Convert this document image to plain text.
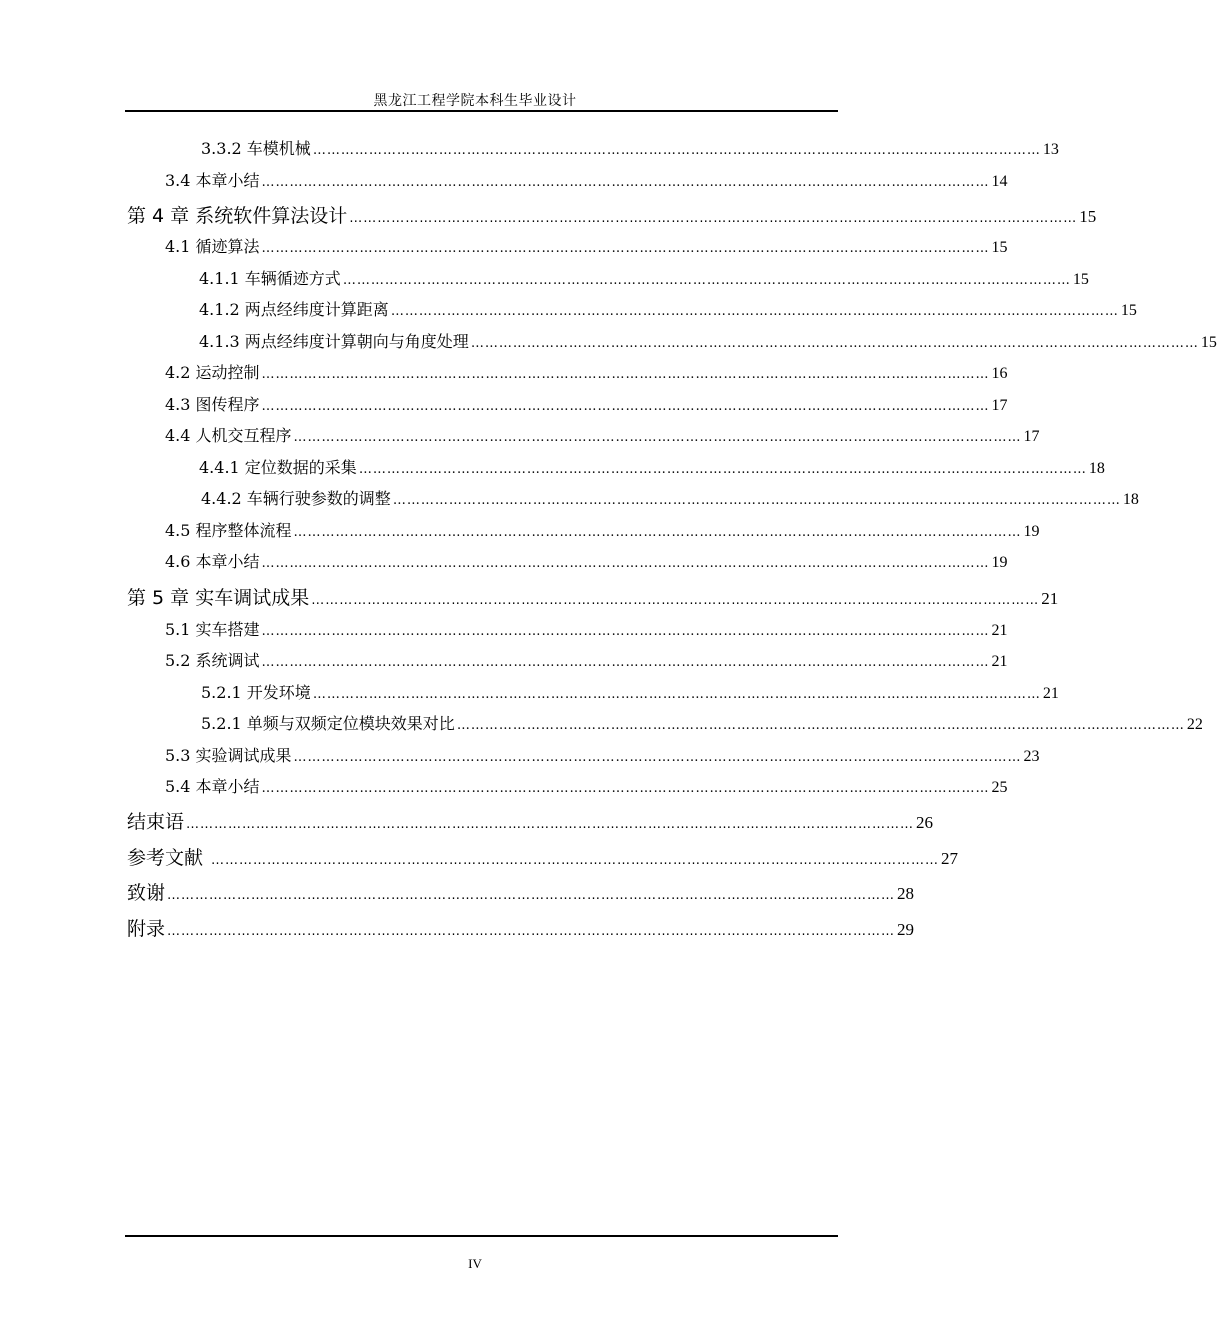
黑龙江工程学院本科生毕业设计
3.3.2 车模机械 ………………………………………………………………………………………………………………………………………… 13
3.4 本章小结 ………………………………………………………………………………………………………………………………………… 14
第 4 章 系统软件算法设计 ………………………………………………………………………………………………………………………………………… 15
4.1 循迹算法 ………………………………………………………………………………………………………………………………………… 15
4.1.1 车辆循迹方式 ………………………………………………………………………………………………………………………………………… 15
4.1.2 两点经纬度计算距离 ………………………………………………………………………………………………………………………………………… 15
4.1.3 两点经纬度计算朝向与角度处理 ………………………………………………………………………………………………………………………………………… 15
4.2 运动控制 ………………………………………………………………………………………………………………………………………… 16
4.3 图传程序 ………………………………………………………………………………………………………………………………………… 17
4.4 人机交互程序 ………………………………………………………………………………………………………………………………………… 17
4.4.1 定位数据的采集 ………………………………………………………………………………………………………………………………………… 18
4.4.2 车辆行驶参数的调整 ………………………………………………………………………………………………………………………………………… 18
4.5 程序整体流程 ………………………………………………………………………………………………………………………………………… 19
4.6 本章小结 ………………………………………………………………………………………………………………………………………… 19
第 5 章 实车调试成果 ………………………………………………………………………………………………………………………………………… 21
5.1 实车搭建 ………………………………………………………………………………………………………………………………………… 21
5.2 系统调试 ………………………………………………………………………………………………………………………………………… 21
5.2.1 开发环境 ………………………………………………………………………………………………………………………………………… 21
5.2.1 单频与双频定位模块效果对比 ………………………………………………………………………………………………………………………………………… 22
5.3 实验调试成果 ………………………………………………………………………………………………………………………………………… 23
5.4 本章小结 ………………………………………………………………………………………………………………………………………… 25
结束语 ………………………………………………………………………………………………………………………………………… 26
参考文献 ………………………………………………………………………………………………………………………………………… 27
致谢 ………………………………………………………………………………………………………………………………………… 28
附录 ………………………………………………………………………………………………………………………………………… 29
IV
